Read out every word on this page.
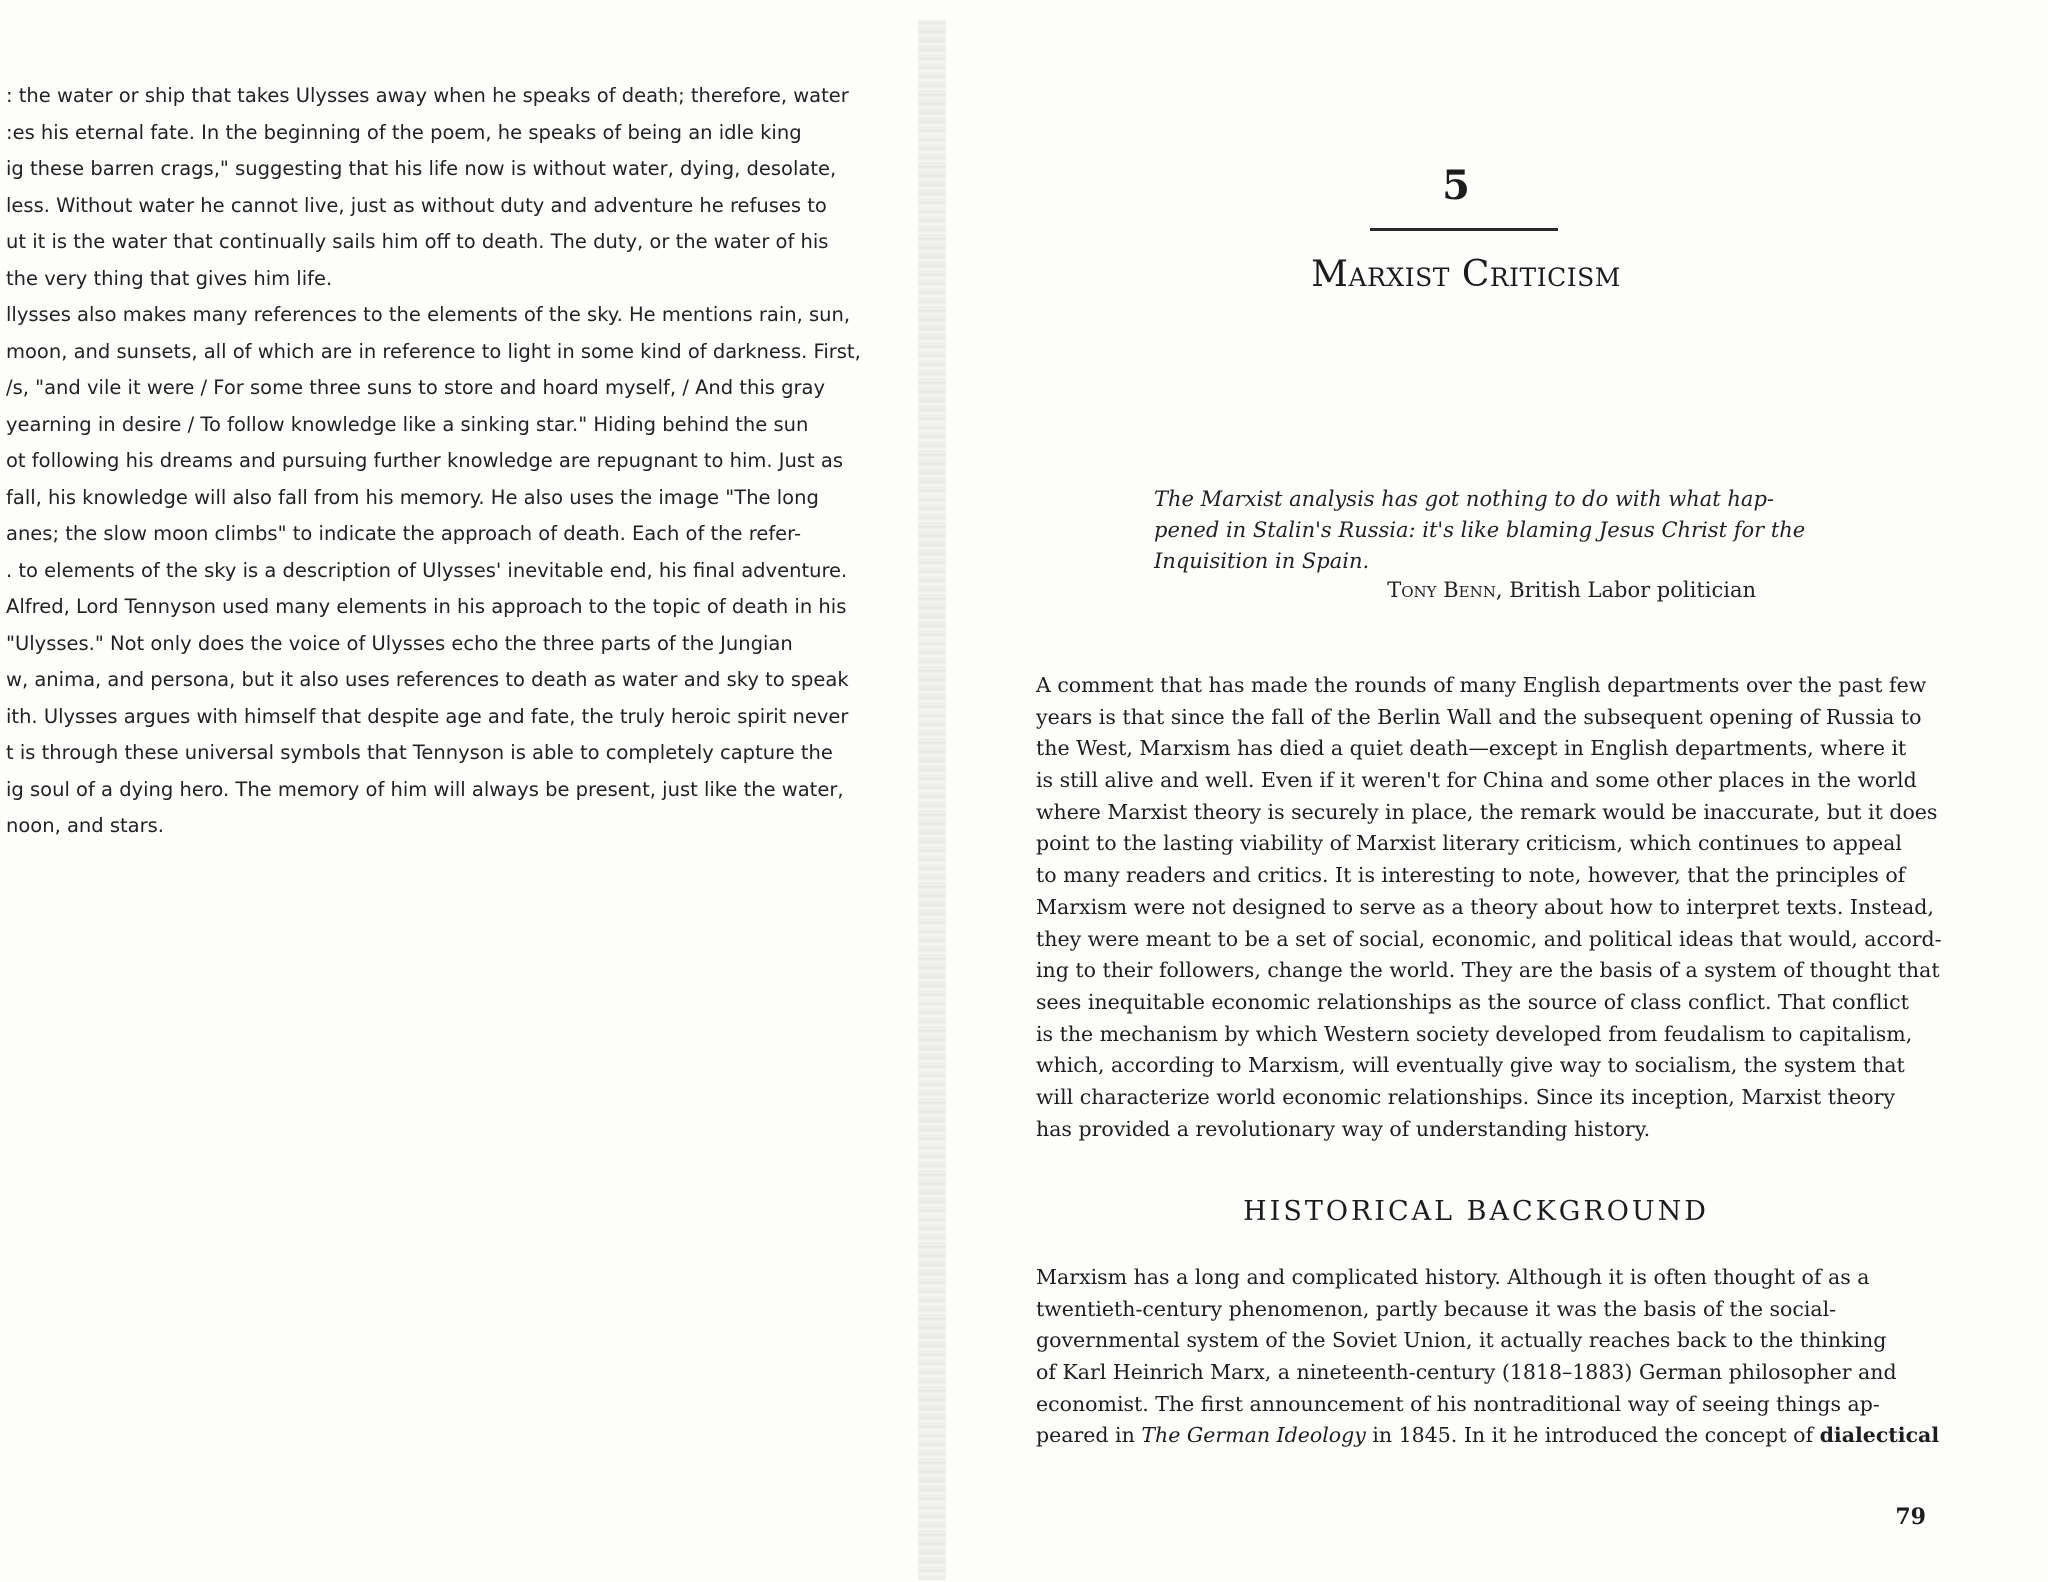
: the water or ship that takes Ulysses away when he speaks of death; therefore, water
:es his eternal fate. In the beginning of the poem, he speaks of being an idle king
ig these barren crags," suggesting that his life now is without water, dying, desolate,
less. Without water he cannot live, just as without duty and adventure he refuses to
ut it is the water that continually sails him off to death. The duty, or the water of his
the very thing that gives him life.
llysses also makes many references to the elements of the sky. He mentions rain, sun,
moon, and sunsets, all of which are in reference to light in some kind of darkness. First,
/s, "and vile it were / For some three suns to store and hoard myself, / And this gray
yearning in desire / To follow knowledge like a sinking star." Hiding behind the sun
ot following his dreams and pursuing further knowledge are repugnant to him. Just as
fall, his knowledge will also fall from his memory. He also uses the image "The long
anes; the slow moon climbs" to indicate the approach of death. Each of the refer-
. to elements of the sky is a description of Ulysses' inevitable end, his final adventure.
Alfred, Lord Tennyson used many elements in his approach to the topic of death in his
"Ulysses." Not only does the voice of Ulysses echo the three parts of the Jungian
w, anima, and persona, but it also uses references to death as water and sky to speak
ith. Ulysses argues with himself that despite age and fate, the truly heroic spirit never
t is through these universal symbols that Tennyson is able to completely capture the
ig soul of a dying hero. The memory of him will always be present, just like the water,
noon, and stars.
5
Marxist Criticism
The Marxist analysis has got nothing to do with what hap-
pened in Stalin's Russia: it's like blaming Jesus Christ for the
Inquisition in Spain.
Tony Benn, British Labor politician
A comment that has made the rounds of many English departments over the past few
years is that since the fall of the Berlin Wall and the subsequent opening of Russia to
the West, Marxism has died a quiet death—except in English departments, where it
is still alive and well. Even if it weren't for China and some other places in the world
where Marxist theory is securely in place, the remark would be inaccurate, but it does
point to the lasting viability of Marxist literary criticism, which continues to appeal
to many readers and critics. It is interesting to note, however, that the principles of
Marxism were not designed to serve as a theory about how to interpret texts. Instead,
they were meant to be a set of social, economic, and political ideas that would, accord-
ing to their followers, change the world. They are the basis of a system of thought that
sees inequitable economic relationships as the source of class conflict. That conflict
is the mechanism by which Western society developed from feudalism to capitalism,
which, according to Marxism, will eventually give way to socialism, the system that
will characterize world economic relationships. Since its inception, Marxist theory
has provided a revolutionary way of understanding history.
HISTORICAL BACKGROUND
Marxism has a long and complicated history. Although it is often thought of as a
twentieth-century phenomenon, partly because it was the basis of the social-
governmental system of the Soviet Union, it actually reaches back to the thinking
of Karl Heinrich Marx, a nineteenth-century (1818–1883) German philosopher and
economist. The first announcement of his nontraditional way of seeing things ap-
peared in The German Ideology in 1845. In it he introduced the concept of dialectical
79
